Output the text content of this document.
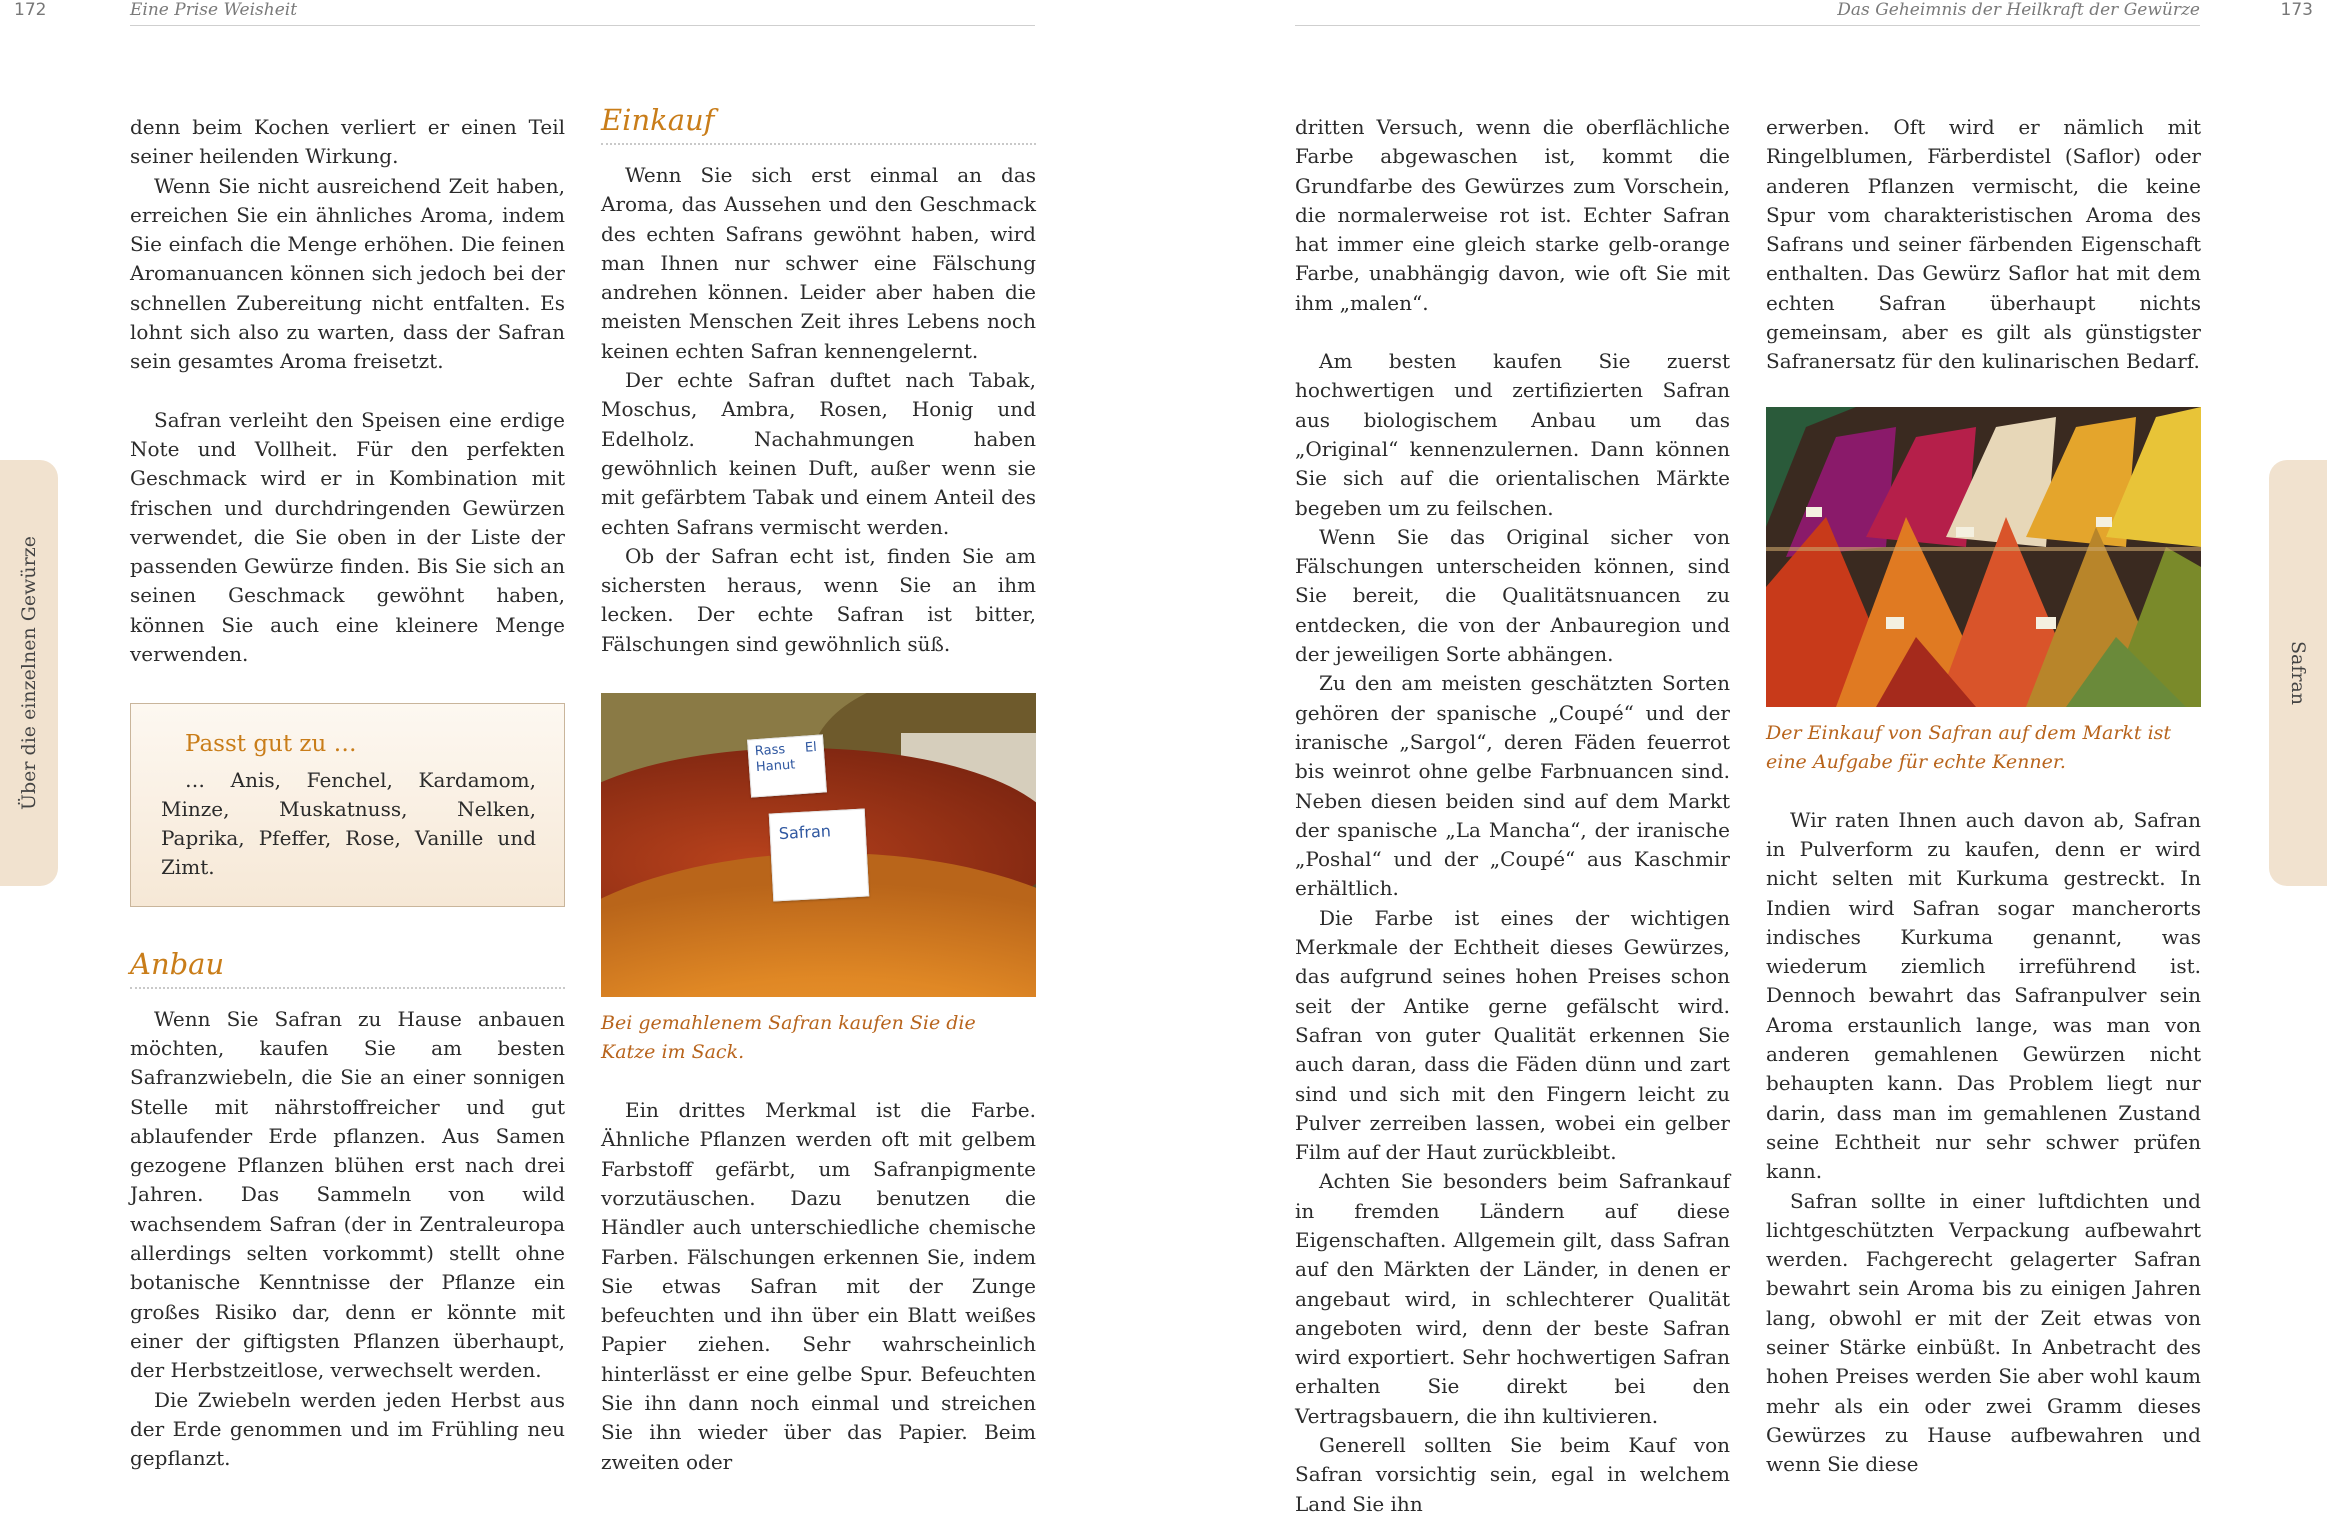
172	Eine Prise Weisheit
Über die einzelnen Gewürze

denn beim Kochen verliert er einen Teil seiner heilenden Wirkung.

Wenn Sie nicht ausreichend Zeit haben, erreichen Sie ein ähnliches Aroma, indem Sie einfach die Menge erhöhen. Die feinen Aromanuancen können sich jedoch bei der schnellen Zubereitung nicht entfalten. Es lohnt sich also zu warten, dass der Safran sein gesamtes Aroma freisetzt.

Safran verleiht den Speisen eine erdige Note und Vollheit. Für den perfekten Geschmack wird er in Kombination mit frischen und durchdringenden Gewürzen verwendet, die Sie oben in der Liste der passenden Gewürze finden. Bis Sie sich an seinen Geschmack gewöhnt haben, können Sie auch eine kleinere Menge verwenden.

Passt gut zu …
… Anis, Fenchel, Kardamom, Minze, Muskatnuss, Nelken, Paprika, Pfeffer, Rose, Vanille und Zimt.
Anbau

Wenn Sie Safran zu Hause anbauen möchten, kaufen Sie am besten Safranzwiebeln, die Sie an einer sonnigen Stelle mit nährstoffreicher und gut ablaufender Erde pflanzen. Aus Samen gezogene Pflanzen blühen erst nach drei Jahren. Das Sammeln von wild wachsendem Safran (der in Zentraleuropa allerdings selten vorkommt) stellt ohne botanische Kenntnisse der Pflanze ein großes Risiko dar, denn er könnte mit einer der giftigsten Pflanzen überhaupt, der Herbstzeitlose, verwechselt werden.

Die Zwiebeln werden jeden Herbst aus der Erde genommen und im Frühling neu gepflanzt.

Einkauf

Wenn Sie sich erst einmal an das Aroma, das Aussehen und den Geschmack des echten Safrans gewöhnt haben, wird man Ihnen nur schwer eine Fälschung andrehen können. Leider aber haben die meisten Menschen Zeit ihres Lebens noch keinen echten Safran kennengelernt.

Der echte Safran duftet nach Tabak, Moschus, Ambra, Rosen, Honig und Edelholz. Nachahmungen haben gewöhnlich keinen Duft, außer wenn sie mit gefärbtem Tabak und einem Anteil des echten Safrans vermischt werden.

Ob der Safran echt ist, finden Sie am sichersten heraus, wenn Sie an ihm lecken. Der echte Safran ist bitter, Fälschungen sind gewöhnlich süß.

Rass El Hanut
Safran
Bei gemahlenem Safran kaufen Sie die Katze im Sack.

Ein drittes Merkmal ist die Farbe. Ähnliche Pflanzen werden oft mit gelbem Farbstoff gefärbt, um Safranpigmente vorzutäuschen. Dazu benutzen die Händler auch unterschiedliche chemische Farben. Fälschungen erkennen Sie, indem Sie etwas Safran mit der Zunge befeuchten und ihn über ein Blatt weißes Papier ziehen. Sehr wahrscheinlich hinterlässt er eine gelbe Spur. Befeuchten Sie ihn dann noch einmal und streichen Sie ihn wieder über das Papier. Beim zweiten oder

Das Geheimnis der Heilkraft der Gewürze	173
Safran

dritten Versuch, wenn die oberflächliche Farbe abgewaschen ist, kommt die Grundfarbe des Gewürzes zum Vorschein, die normalerweise rot ist. Echter Safran hat immer eine gleich starke gelb-orange Farbe, unabhängig davon, wie oft Sie mit ihm „malen“.

Am besten kaufen Sie zuerst hochwertigen und zertifizierten Safran aus biologischem Anbau um das „Original“ kennenzulernen. Dann können Sie sich auf die orientalischen Märkte begeben um zu feilschen.

Wenn Sie das Original sicher von Fälschungen unterscheiden können, sind Sie bereit, die Qualitätsnuancen zu entdecken, die von der Anbauregion und der jeweiligen Sorte abhängen.

Zu den am meisten geschätzten Sorten gehören der spanische „Coupé“ und der iranische „Sargol“, deren Fäden feuerrot bis weinrot ohne gelbe Farbnuancen sind. Neben diesen beiden sind auf dem Markt der spanische „La Mancha“, der iranische „Poshal“ und der „Coupé“ aus Kaschmir erhältlich.

Die Farbe ist eines der wichtigen Merkmale der Echtheit dieses Gewürzes, das aufgrund seines hohen Preises schon seit der Antike gerne gefälscht wird. Safran von guter Qualität erkennen Sie auch daran, dass die Fäden dünn und zart sind und sich mit den Fingern leicht zu Pulver zerreiben lassen, wobei ein gelber Film auf der Haut zurückbleibt.

Achten Sie besonders beim Safrankauf in fremden Ländern auf diese Eigenschaften. Allgemein gilt, dass Safran auf den Märkten der Länder, in denen er angebaut wird, in schlechterer Qualität angeboten wird, denn der beste Safran wird exportiert. Sehr hochwertigen Safran erhalten Sie direkt bei den Vertragsbauern, die ihn kultivieren.

Generell sollten Sie beim Kauf von Safran vorsichtig sein, egal in welchem Land Sie ihn

erwerben. Oft wird er nämlich mit Ringelblumen, Färberdistel (Saflor) oder anderen Pflanzen vermischt, die keine Spur vom charakteristischen Aroma des Safrans und seiner färbenden Eigenschaft enthalten. Das Gewürz Saflor hat mit dem echten Safran überhaupt nichts gemeinsam, aber es gilt als günstigster Safranersatz für den kulinarischen Bedarf.

Der Einkauf von Safran auf dem Markt ist eine Aufgabe für echte Kenner.

Wir raten Ihnen auch davon ab, Safran in Pulverform zu kaufen, denn er wird nicht selten mit Kurkuma gestreckt. In Indien wird Safran sogar mancherorts indisches Kurkuma genannt, was wiederum ziemlich irreführend ist. Dennoch bewahrt das Safranpulver sein Aroma erstaunlich lange, was man von anderen gemahlenen Gewürzen nicht behaupten kann. Das Problem liegt nur darin, dass man im gemahlenen Zustand seine Echtheit nur sehr schwer prüfen kann.

Safran sollte in einer luftdichten und lichtgeschützten Verpackung aufbewahrt werden. Fachgerecht gelagerter Safran bewahrt sein Aroma bis zu einigen Jahren lang, obwohl er mit der Zeit etwas von seiner Stärke einbüßt. In Anbetracht des hohen Preises werden Sie aber wohl kaum mehr als ein oder zwei Gramm dieses Gewürzes zu Hause aufbewahren und wenn Sie diese
